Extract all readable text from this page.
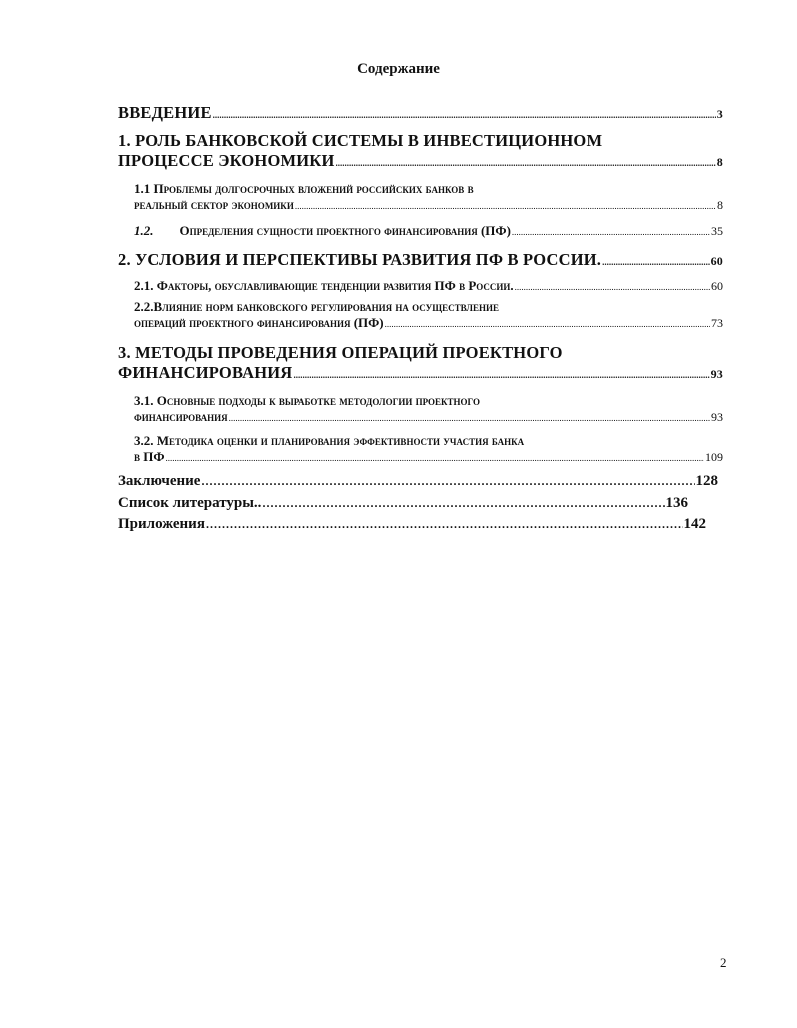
Содержание
ВВЕДЕНИЕ .....	3
1. РОЛЬ БАНКОВСКОЙ СИСТЕМЫ В ИНВЕСТИЦИОННОМ
ПРОЦЕССЕ ЭКОНОМИКИ .....	8
1.1 Проблемы долгосрочных вложений российских банков в
реальный сектор экономики .....	8
1.2. Определения сущности проектного финансирования (ПФ) .....	35
2. УСЛОВИЯ И ПЕРСПЕКТИВЫ РАЗВИТИЯ ПФ В РОССИИ. .....	60
2.1. Факторы, обуславливающие тенденции развития ПФ в России. .....	60
2.2.Влияние норм банковского регулирования на осуществление
операций проектного финансирования (ПФ) .....	73
3. МЕТОДЫ ПРОВЕДЕНИЯ ОПЕРАЦИЙ ПРОЕКТНОГО
ФИНАНСИРОВАНИЯ .....	93
3.1. Основные подходы к выработке методологии проектного
финансирования .....	93
3.2. Методика оценки и планирования эффективности участия банка
в ПФ .....	109
Заключение .....	128
Список литературы.. .....	136
Приложения .....	142
2
